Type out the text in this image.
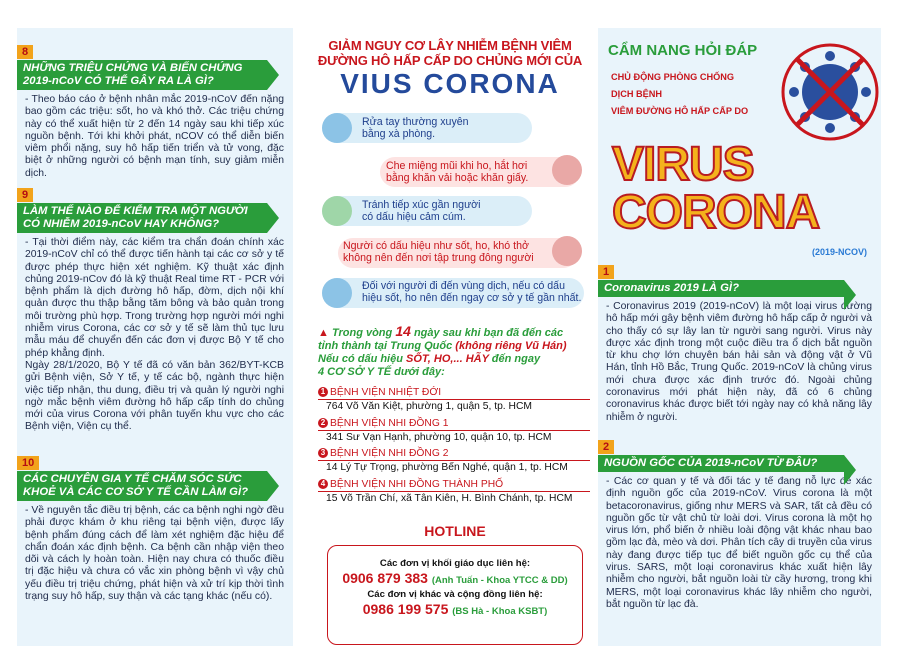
8
NHỮNG TRIỆU CHỨNG VÀ BIẾN CHỨNG 2019-nCoV CÓ THỂ GÂY RA LÀ GÌ?
- Theo báo cáo ở bệnh nhân mắc 2019-nCoV đến nặng bao gồm các triệu: sốt, ho và khó thở. Các triệu chứng này có thể xuất hiện từ 2 đến 14 ngày sau khi tiếp xúc nguồn bệnh. Tới khi khởi phát, nCOV có thể diễn biến viêm phổi nặng, suy hô hấp tiến triển và tử vong, đặc biệt ở những người có bệnh mạn tính, suy giảm miễn dịch.
9
LÀM THẾ NÀO ĐỂ KIỂM TRA MỘT NGƯỜI CÓ NHIỄM 2019-nCoV HAY KHÔNG?
- Tại thời điểm này, các kiểm tra chẩn đoán chính xác 2019-nCoV chỉ có thể được tiến hành tại các cơ sở y tế được phép thực hiện xét nghiệm. Kỹ thuật xác định chủng 2019-nCov đó là kỹ thuật Real time RT - PCR với bệnh phẩm là dịch đường hô hấp, đờm, dịch nội khí quản được thu thập bằng tăm bông và bảo quản trong môi trường phù hợp. Trong trường hợp người mới nghi nhiễm virus Corona, các cơ sở y tế sẽ làm thủ tục lưu mẫu máu để chuyển đến các đơn vị được Bộ Y tế cho phép khẳng định.
Ngày 28/1/2020, Bộ Y tế đã có văn bản 362/BYT-KCB gửi Bệnh viện, Sở Y tế, y tế các bộ, ngành thực hiện việc tiếp nhận, thu dung, điều trị và quản lý người nghi ngờ mắc bệnh viêm đường hô hấp cấp tính do chủng mới của virus Corona với phân tuyến khu vực cho các Bệnh viện, Viện cụ thể.
10
CÁC CHUYÊN GIA Y TẾ CHĂM SÓC SỨC KHOẺ VÀ CÁC CƠ SỞ Y TẾ CẦN LÀM GÌ?
- Về nguyên tắc điều trị bệnh, các ca bệnh nghi ngờ đều phải được khám ở khu riêng tại bệnh viện, được lấy bệnh phẩm đúng cách để làm xét nghiệm đặc hiệu để chẩn đoán xác định bệnh. Ca bệnh cần nhập viện theo dõi và cách ly hoàn toàn. Hiện nay chưa có thuốc điều trị đặc hiệu và chưa có vắc xin phòng bệnh vì vậy chủ yếu điều trị triệu chứng, phát hiện và xử trí kịp thời tình trạng suy hô hấp, suy thận và các tạng khác (nếu có).
GIẢM NGUY CƠ LÂY NHIỄM BỆNH VIÊM
ĐƯỜNG HÔ HẤP CẤP DO CHỦNG MỚI CỦA
VIUS CORONA
Rửa tay thường xuyên
bằng xà phòng.
Che miệng mũi khi ho, hắt hơi
bằng khăn vải hoặc khăn giấy.
Tránh tiếp xúc gần người
có dấu hiệu cảm cúm.
Người có dấu hiệu như sốt, ho, khó thở
không nên đến nơi tập trung đông người
Đối với người đi đến vùng dịch, nếu có dấu
hiệu sốt, ho nên đến ngay cơ sở y tế gần nhất.
▲ Trong vòng 14 ngày sau khi bạn đã đến các
tỉnh thành tại Trung Quốc (không riêng Vũ Hán)
Nếu có dấu hiệu SỐT, HO,... HÃY đến ngay
4 CƠ SỞ Y TẾ dưới đây:
1 BỆNH VIỆN NHIỆT ĐỚI
764 Võ Văn Kiệt, phường 1, quận 5, tp. HCM
2 BỆNH VIỆN NHI ĐỒNG 1
341 Sư Vạn Hạnh, phường 10, quận 10, tp. HCM
3 BỆNH VIỆN NHI ĐỒNG 2
14 Lý Tự Trọng, phường Bến Nghé, quận 1, tp. HCM
4 BỆNH VIỆN NHI ĐỒNG THÀNH PHỐ
15 Võ Trần Chí, xã Tân Kiên, H. Bình Chánh, tp. HCM
Các đơn vị khối giáo dục liên hệ:
0906 879 383 (Anh Tuấn - Khoa YTCC & DD)
Các đơn vị khác và cộng đồng liên hệ:
0986 199 575 (BS Hà - Khoa KSBT)
HOTLINE
CẨM NANG HỎI ĐÁP
CHỦ ĐỘNG PHÒNG CHỐNG
DỊCH BỆNH
VIÊM ĐƯỜNG HÔ HẤP CẤP DO
VIRUS
CORONA
(2019-NCOV)
1
Coronavirus 2019 LÀ GÌ?
- Coronavirus 2019 (2019-nCoV) là một loại virus đường hô hấp mới gây bệnh viêm đường hô hấp cấp ở người và cho thấy có sự lây lan từ người sang người. Virus này được xác định trong một cuộc điều tra ổ dịch bắt nguồn từ khu chợ lớn chuyên bán hải sản và động vật ở Vũ Hán, tỉnh Hồ Bắc, Trung Quốc. 2019-nCoV là chủng virus mới chưa được xác định trước đó. Ngoài chủng coronavirus mới phát hiện này, đã có 6 chủng coronavirus khác được biết tới ngày nay có khả năng lây nhiễm ở người.
2
NGUỒN GỐC CỦA 2019-nCoV TỪ ĐÂU?
- Các cơ quan y tế và đối tác y tế đang nỗ lực để xác định nguồn gốc của 2019-nCoV. Virus corona là một betacoronavirus, giống như MERS và SAR, tất cả đều có nguồn gốc từ vật chủ từ loài dơi. Virus corona là một họ virus lớn, phổ biến ở nhiều loài động vật khác nhau bao gồm lạc đà, mèo và dơi. Phân tích cây di truyền của virus này đang được tiếp tục để biết nguồn gốc cụ thể của virus. SARS, một loại coronavirus khác xuất hiện lây nhiễm cho người, bắt nguồn loài từ cầy hương, trong khi MERS, một loại coronavirus khác lây nhiễm cho người, bắt nguồn từ lạc đà.
